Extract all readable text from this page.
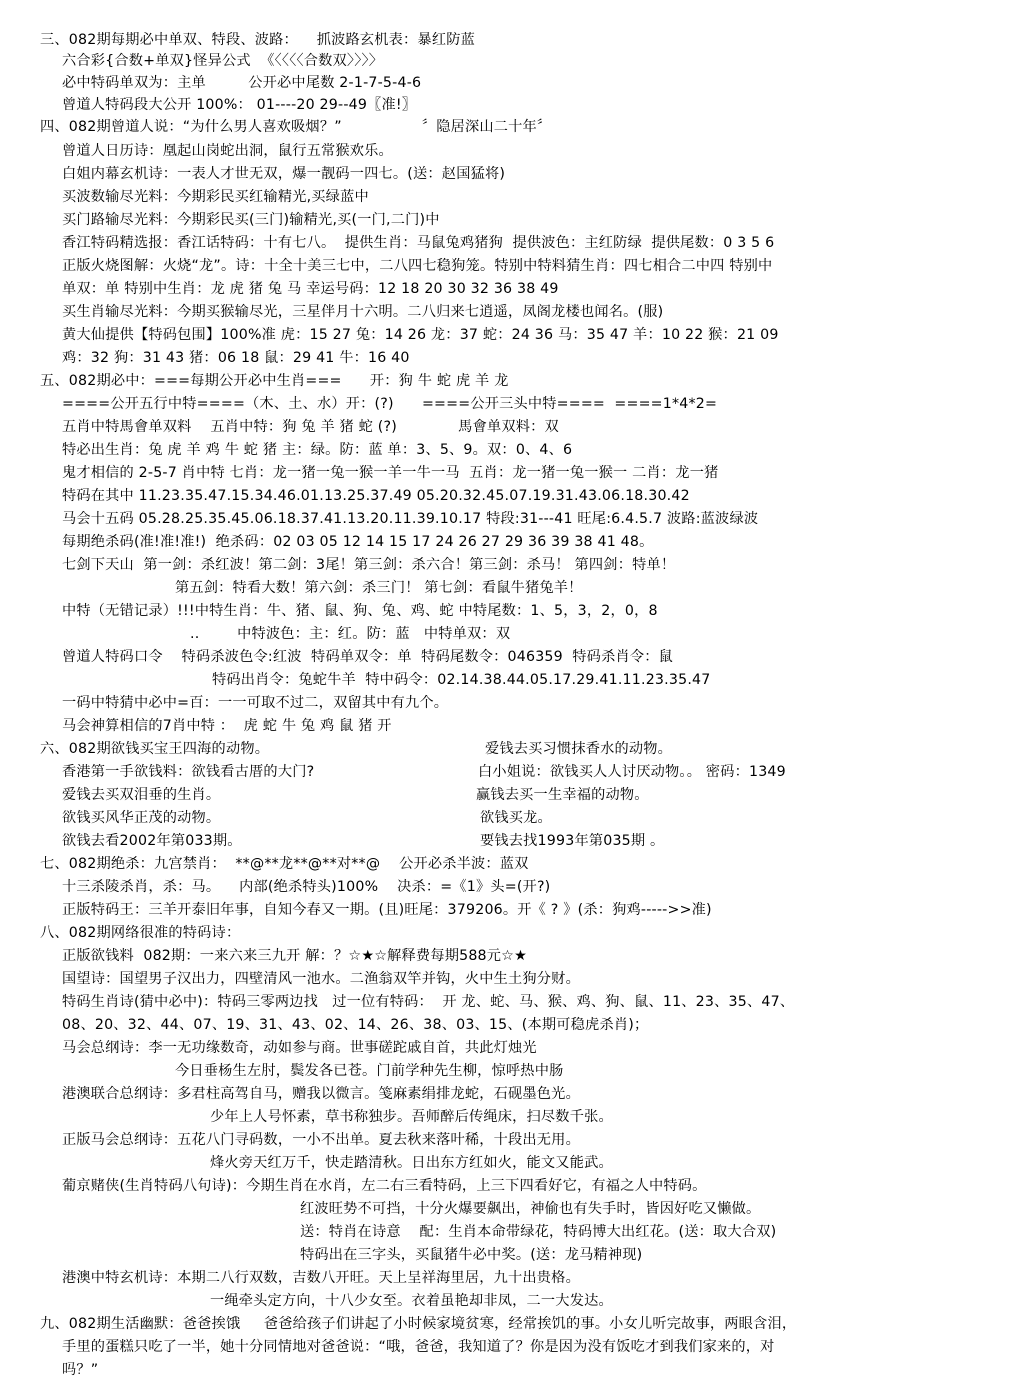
三、082期每期必中单双、特段、波路：    抓波路玄机表：暴红防蓝
六合彩{合数+单双}怪异公式  《〈〈〈〈合数双〉〉〉〉
必中特码单双为：主单         公开必中尾数 2-1-7-5-4-6
曾道人特码段大公开 100%： 01----20 29--49〖准!〗
四、082期曾道人说：“为什么男人喜欢吸烟？”                 〞隐居深山二十年〞
曾道人日历诗：凰起山岗蛇出洞，鼠行五常猴欢乐。
白姐内幕玄机诗：一表人才世无双，爆一靓码一四七。(送：赵国猛将)
买波数输尽光料：今期彩民买红输精光,买绿蓝中
买门路输尽光料：今期彩民买(三门)输精光,买(一门,二门)中
香江特码精选报：香江话特码：十有七八。  提供生肖：马鼠兔鸡猪狗  提供波色：主红防绿  提供尾数：0 3 5 6
正版火烧图解：火烧“龙”。诗：十全十美三七中，二八四七稳狗笼。特别中特料猜生肖：四七相合二中四 特别中
单双：单 特别中生肖：龙 虎 猪 兔 马 幸运号码：12 18 20 30 32 36 38 49
买生肖输尽光料：今期买猴输尽光，三星伴月十六明。二八归来七逍遥，凤阁龙楼也闻名。(服)
黄大仙提供【特码包围】100%准 虎：15 27 兔：14 26 龙：37 蛇：24 36 马：35 47 羊：10 22 猴：21 09
鸡：32 狗：31 43 猪：06 18 鼠：29 41 牛：16 40
五、082期必中：===每期公开必中生肖===      开：狗 牛 蛇 虎 羊 龙
====公开五行中特====（木、土、水）开：(?)      ====公开三头中特====  ====1*4*2=
五肖中特馬會单双料    五肖中特：狗 兔 羊 猪 蛇 (?)             馬會单双料：双
特必出生肖：兔 虎 羊 鸡 牛 蛇 猪 主：绿。防：蓝 单：3、5、9。双：0、4、6
鬼才相信的 2-5-7 肖中特 七肖：龙一猪一兔一猴一羊一牛一马  五肖：龙一猪一兔一猴一 二肖：龙一猪
特码在其中 11.23.35.47.15.34.46.01.13.25.37.49 05.20.32.45.07.19.31.43.06.18.30.42
马会十五码 05.28.25.35.45.06.18.37.41.13.20.11.39.10.17 特段:31---41 旺尾:6.4.5.7 波路:蓝波绿波
每期绝杀码(准!准!准!)  绝杀码：02 03 05 12 14 15 17 24 26 27 29 36 39 38 41 48。
七剑下天山  第一剑：杀红波！第二剑：3尾！第三剑：杀六合！第三剑：杀马！ 第四剑：特单！
第五剑：特看大数！第六剑：杀三门！ 第七剑：看鼠牛猪兔羊！
中特（无错记录）!!!中特生肖：牛、猪、鼠、狗、兔、鸡、蛇 中特尾数：1、5，3，2，0，8
..        中特波色：主：红。防：蓝   中特单双：双
曾道人特码口令    特码杀波色令:红波  特码单双令：单  特码尾数令：046359  特码杀肖令：鼠
特码出肖令：兔蛇牛羊  特中码令：02.14.38.44.05.17.29.41.11.23.35.47
一码中特猜中必中=百：一一可取不过二，双留其中有九个。
马会神算相信的7肖中特 ：  虎 蛇 牛 兔 鸡 鼠 猪 开
六、082期欲钱买宝王四海的动物。	爱钱去买习惯抹香水的动物。
香港第一手欲钱料：欲钱看古厝的大门?	白小姐说：欲钱买人人讨厌动物。。 密码：1349
爱钱去买双泪垂的生肖。	赢钱去买一生幸福的动物。
欲钱买风华正茂的动物。	欲钱买龙。
欲钱去看2002年第033期。	要钱去找1993年第035期 。
七、082期绝杀：九宫禁肖：  **@**龙**@**对**@    公开必杀半波：蓝双
十三杀陵杀肖，杀：马。    内部(绝杀特头)100%    决杀：=《1》头=(开?)
正版特码王：三羊开泰旧年事，自知今春又一期。(且)旺尾：379206。开《 ? 》(杀：狗鸡----->>准)
八、082期网络很准的特码诗：
正版欲钱料  082期：一来六来三九开 解：？☆★☆解释费每期588元☆★
国望诗：国望男子汉出力，四壁清风一池水。二渔翁双竿并钩，火中生土狗分财。
特码生肖诗(猜中必中)：特码三零两边找   过一位有特码：  开 龙、蛇、马、猴、鸡、狗、鼠、11、23、35、47、
08、20、32、44、07、19、31、43、02、14、26、38、03、15、(本期可稳虎杀肖)；
马会总纲诗：李一无功缘数奇，动如参与商。世事磋跎戚自首，共此灯烛光
今日垂杨生左肘，鬓发各已苍。门前学种先生柳，惊呼热中肠
港澳联合总纲诗：多君柱高驾自马，赠我以微言。笺麻素绢排龙蛇，石砚墨色光。
少年上人号怀素，草书称独步。吾师醉后传绳床，扫尽数千张。
正版马会总纲诗：五花八门寻码数，一小不出单。夏去秋来落叶稀，十段出无用。
烽火旁天红万千，快走踏清秋。日出东方红如火，能文又能武。
葡京赌侠(生肖特码八句诗)：今期生肖在水肖，左二右三看特码，上三下四看好它，有福之人中特码。
红波旺势不可挡，十分火爆要飙出，神偷也有失手时，皆因好吃又懒做。
送：特肖在诗意    配：生肖本命带绿花，特码博大出红花。(送：取大合双)
特码出在三字头，买鼠猪牛必中奖。(送：龙马精神现)
港澳中特玄机诗：本期二八行双数，吉数八开旺。天上呈祥海里居，九十出贵格。
一绳牵头定方向，十八少女至。衣着虽艳却非凤，二一大发达。
九、082期生活幽默：爸爸挨饿     爸爸给孩子们讲起了小时候家境贫寒，经常挨饥的事。小女儿听完故事，两眼含泪，
手里的蛋糕只吃了一半，她十分同情地对爸爸说：“哦，爸爸，我知道了？你是因为没有饭吃才到我们家来的，对
吗？”
